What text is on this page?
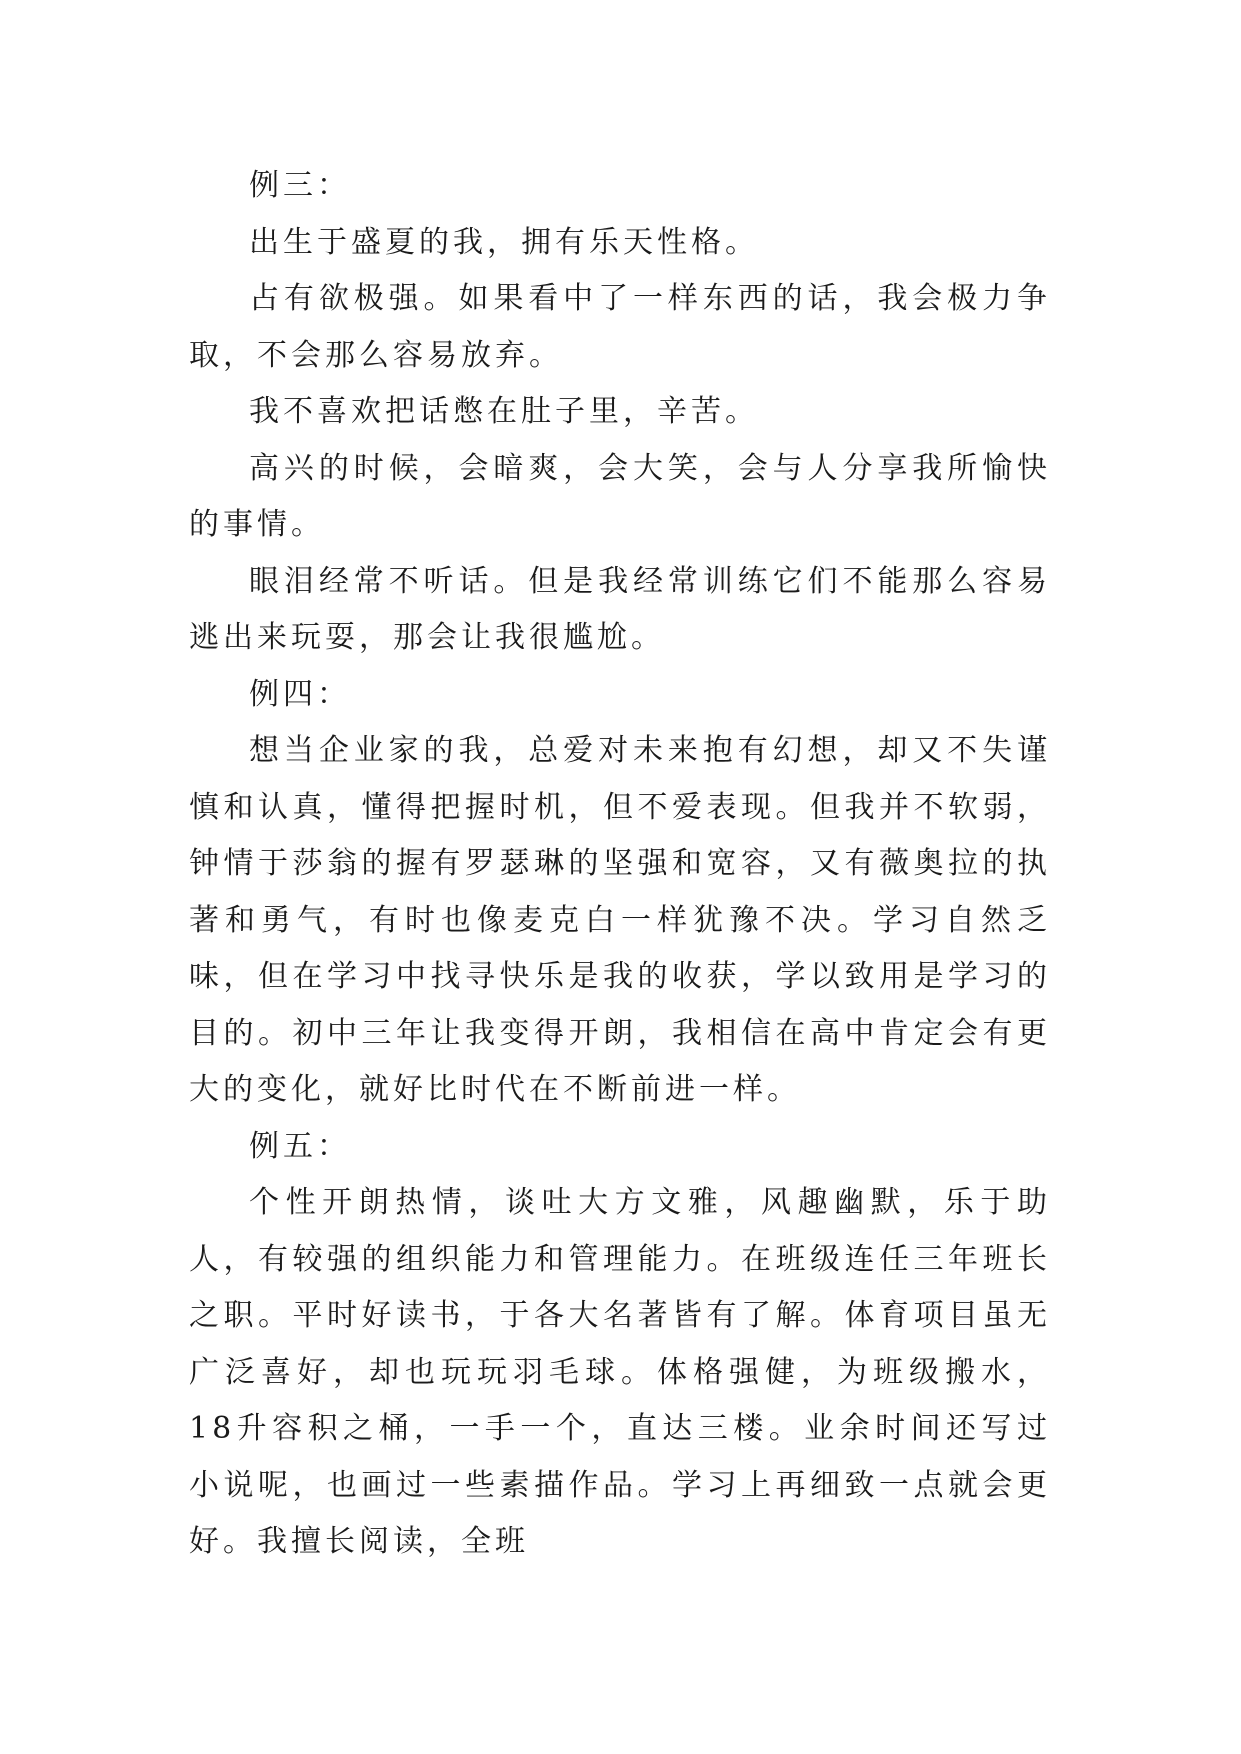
例三：

出生于盛夏的我，拥有乐天性格。

占有欲极强。如果看中了一样东西的话，我会极力争取，不会那么容易放弃。

我不喜欢把话憋在肚子里，辛苦。

高兴的时候，会暗爽，会大笑，会与人分享我所愉快的事情。

眼泪经常不听话。但是我经常训练它们不能那么容易逃出来玩耍，那会让我很尴尬。

例四：

想当企业家的我，总爱对未来抱有幻想，却又不失谨慎和认真，懂得把握时机，但不爱表现。但我并不软弱，钟情于莎翁的握有罗瑟琳的坚强和宽容，又有薇奥拉的执著和勇气，有时也像麦克白一样犹豫不决。学习自然乏味，但在学习中找寻快乐是我的收获，学以致用是学习的目的。初中三年让我变得开朗，我相信在高中肯定会有更大的变化，就好比时代在不断前进一样。

例五：

个性开朗热情，谈吐大方文雅，风趣幽默，乐于助人，有较强的组织能力和管理能力。在班级连任三年班长之职。平时好读书，于各大名著皆有了解。体育项目虽无广泛喜好，却也玩玩羽毛球。体格强健，为班级搬水，18升容积之桶，一手一个，直达三楼。业余时间还写过小说呢，也画过一些素描作品。学习上再细致一点就会更好。我擅长阅读，全班
